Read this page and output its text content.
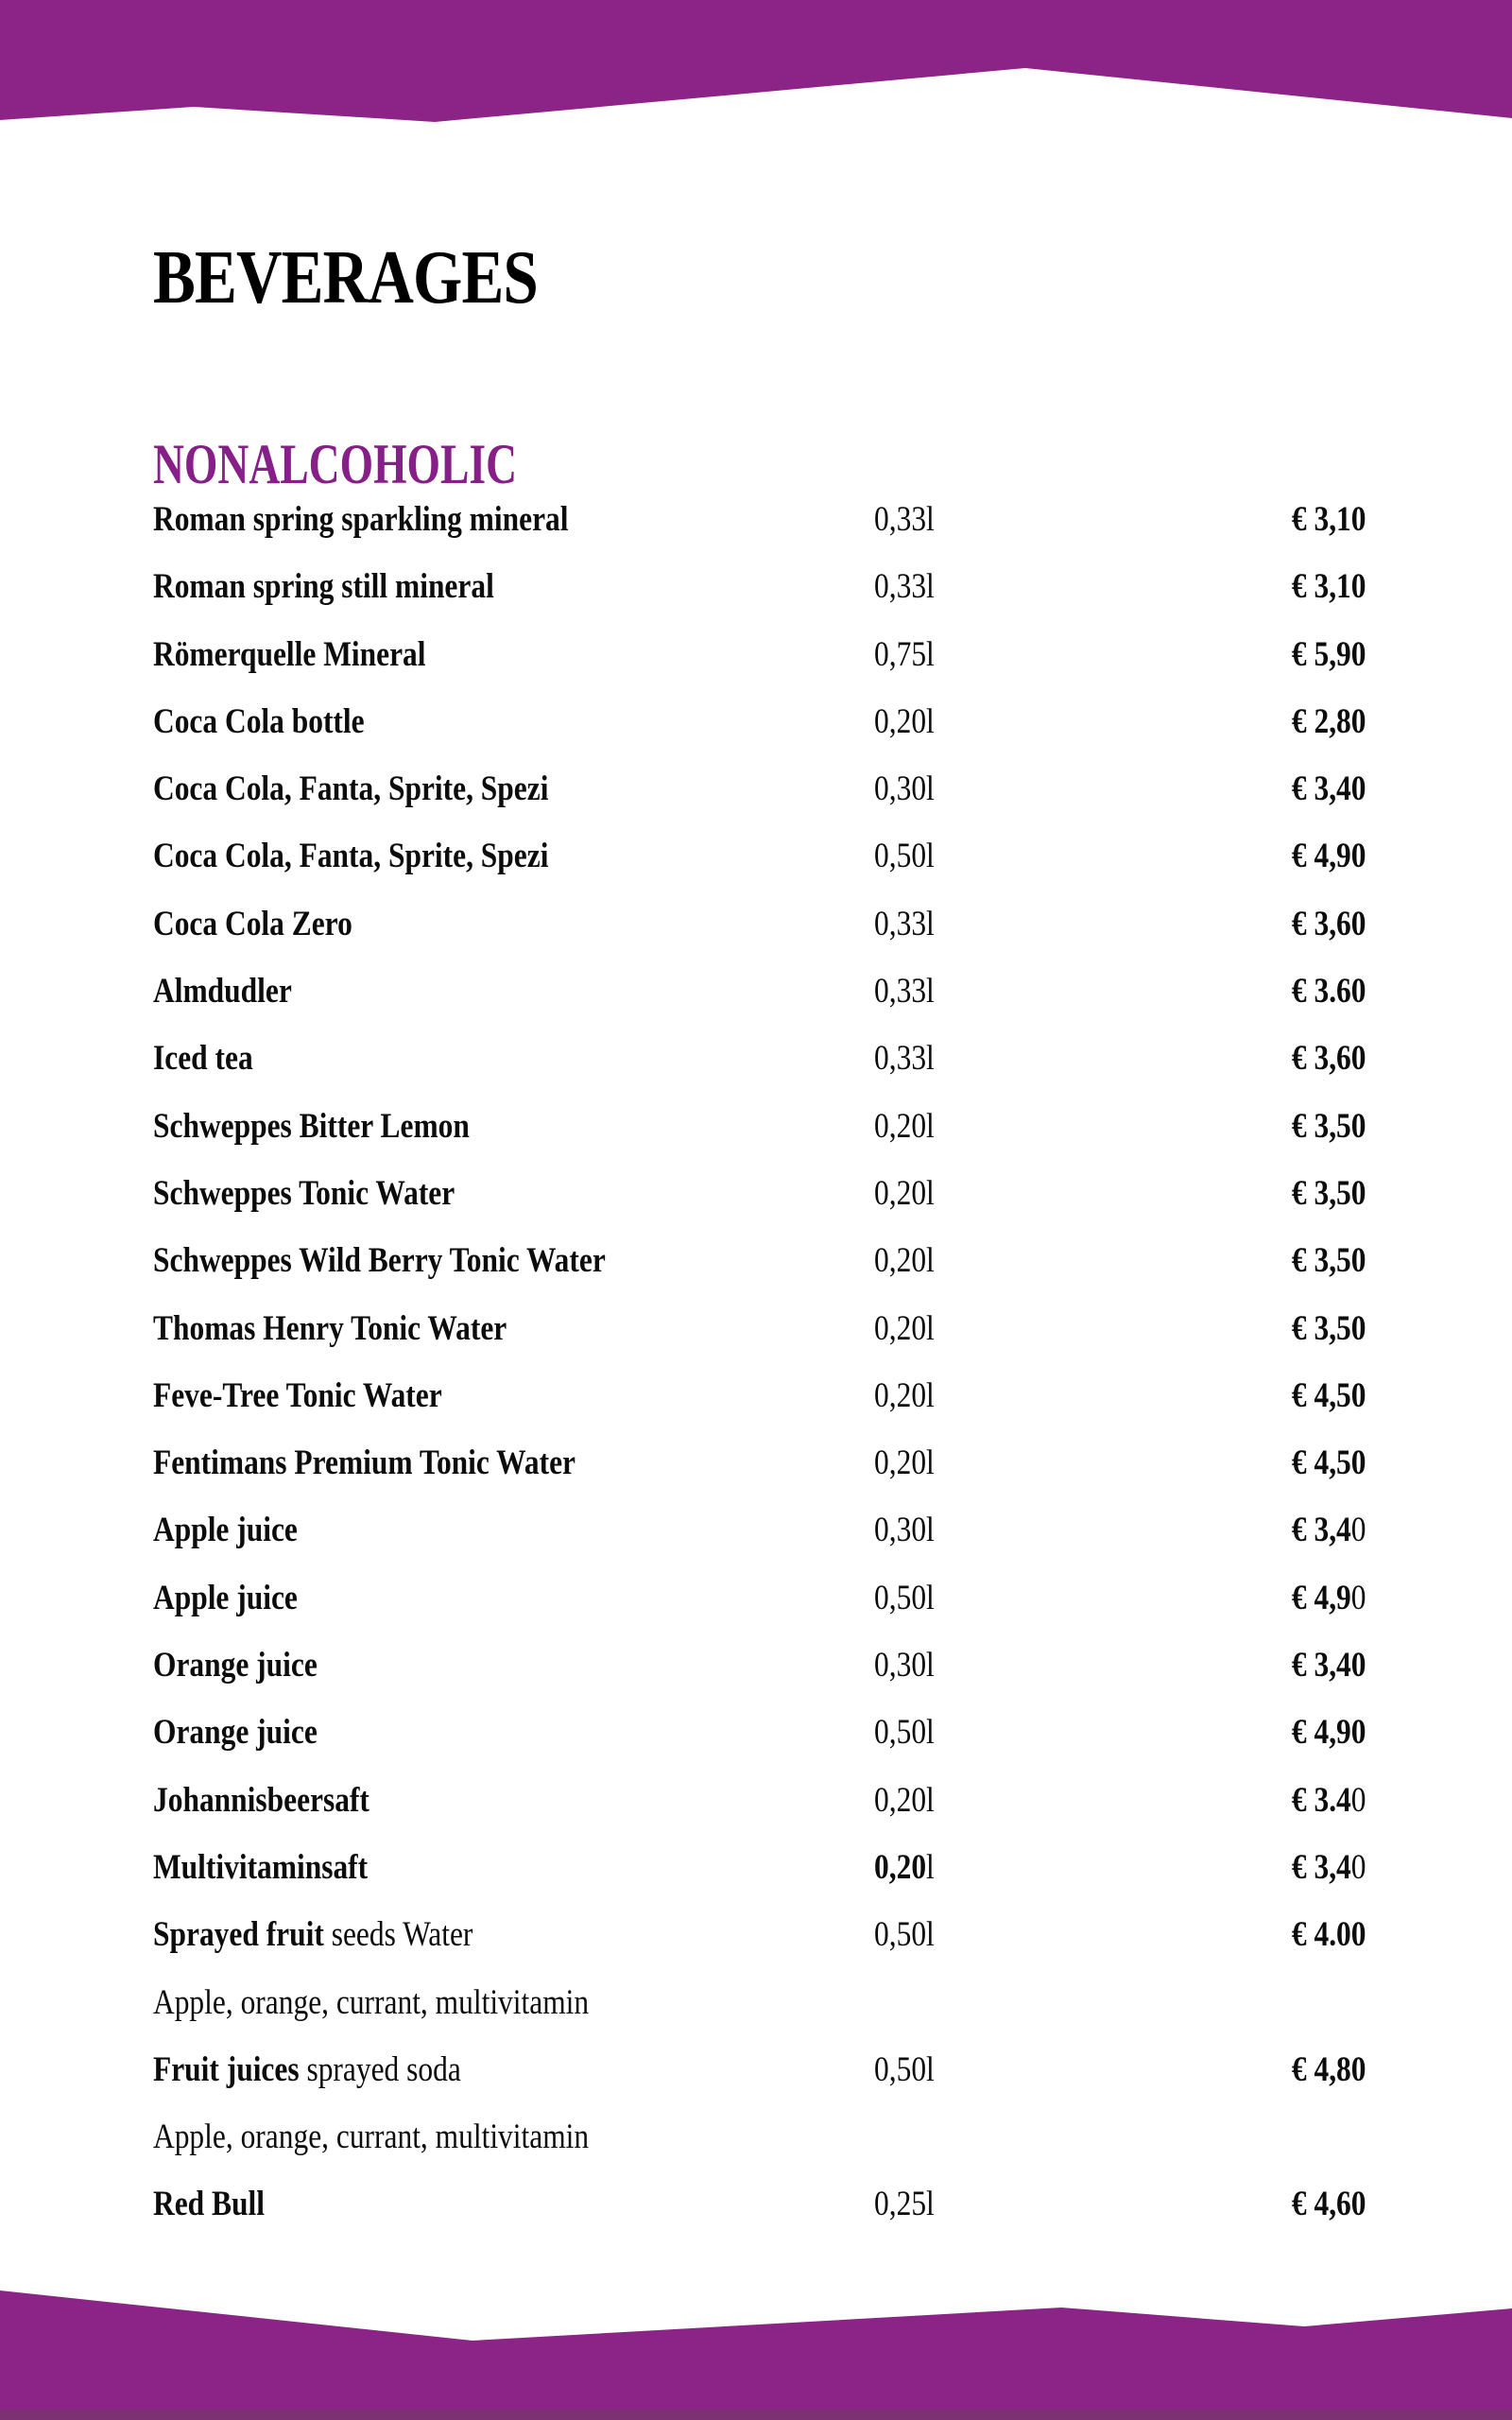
BEVERAGES
NONALCOHOLIC
Roman spring sparkling mineral	0,33l	€ 3,10
Roman spring still mineral	0,33l	€ 3,10
Römerquelle Mineral	0,75l	€ 5,90
Coca Cola bottle	0,20l	€ 2,80
Coca Cola, Fanta, Sprite, Spezi	0,30l	€ 3,40
Coca Cola, Fanta, Sprite, Spezi	0,50l	€ 4,90
Coca Cola Zero	0,33l	€ 3,60
Almdudler	0,33l	€ 3.60
Iced tea	0,33l	€ 3,60
Schweppes Bitter Lemon	0,20l	€ 3,50
Schweppes Tonic Water	0,20l	€ 3,50
Schweppes Wild Berry Tonic Water	0,20l	€ 3,50
Thomas Henry Tonic Water	0,20l	€ 3,50
Feve-Tree Tonic Water	0,20l	€ 4,50
Fentimans Premium Tonic Water	0,20l	€ 4,50
Apple juice	0,30l	€ 3,40
Apple juice	0,50l	€ 4,90
Orange juice	0,30l	€ 3,40
Orange juice	0,50l	€ 4,90
Johannisbeersaft	0,20l	€ 3.40
Multivitaminsaft	0,20l	€ 3,40
Sprayed fruit seeds Water	0,50l	€ 4.00
Apple, orange, currant, multivitamin
Fruit juices sprayed soda	0,50l	€ 4,80
Apple, orange, currant, multivitamin
Red Bull	0,25l	€ 4,60
